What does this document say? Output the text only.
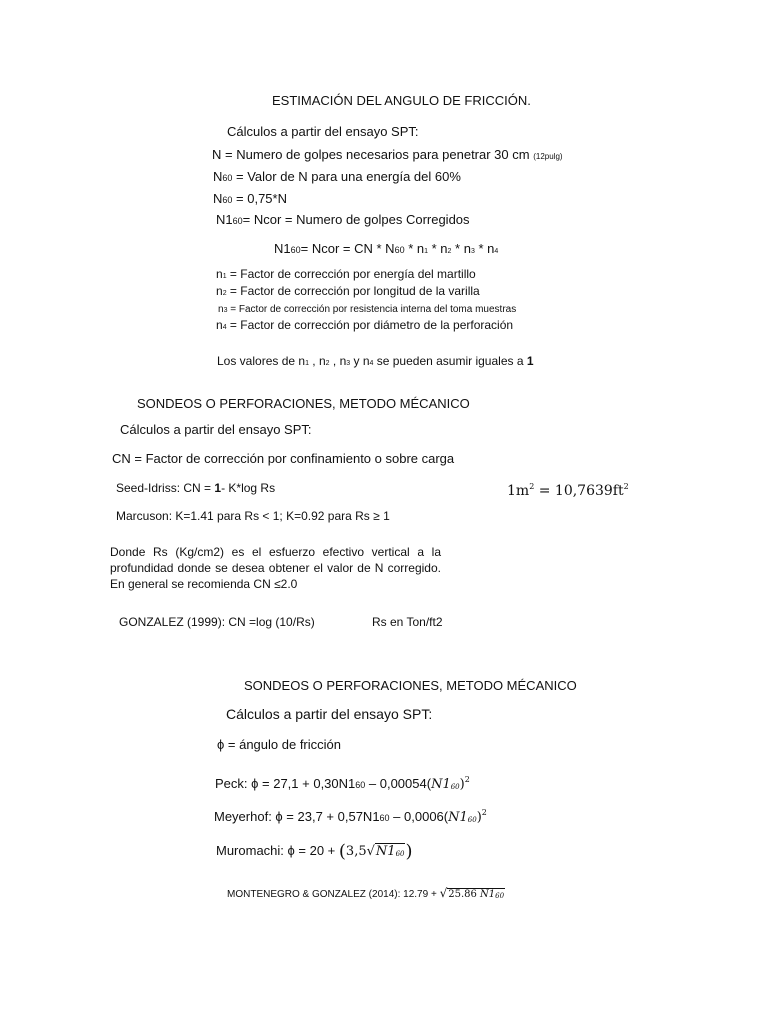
ESTIMACIÓN DEL ANGULO DE FRICCIÓN.
Cálculos a partir del ensayo SPT:
N = Numero de golpes necesarios para penetrar 30 cm (12pulg)
N60 = Valor de N para una energía del 60%
N60 = 0,75*N
N160= Ncor = Numero de golpes Corregidos
N160= Ncor = CN * N60 * n1 * n2 * n3 * n4
n1 = Factor de corrección por energía del martillo
n2 = Factor de corrección por longitud de la varilla
n3 = Factor de corrección por resistencia interna del toma muestras
n4 = Factor de corrección por diámetro de la perforación
Los valores de n1 , n2 , n3 y n4 se pueden asumir iguales a 1
SONDEOS O PERFORACIONES, METODO MÉCANICO
Cálculos a partir del ensayo SPT:
CN = Factor de corrección por confinamiento o sobre carga
Seed-Idriss: CN = 1- K*log Rs	$1m^2 = 10,7639ft^2$
Marcuson: K=1.41 para Rs < 1; K=0.92 para Rs ≥ 1
Donde Rs (Kg/cm2) es el esfuerzo efectivo vertical a la profundidad donde se desea obtener el valor de N corregido. En general se recomienda CN ≤2.0
GONZALEZ (1999): CN =log (10/Rs)	Rs en Ton/ft2
SONDEOS O PERFORACIONES, METODO MÉCANICO
Cálculos a partir del ensayo SPT:
ϕ = ángulo de fricción
Peck: $\phi = 27,1 + 0,30N160 - 0,00054(N160)^2$
Meyerhof: $\phi = 23,7 + 0,57N160 - 0,0006(N160)^2$
Muromachi: ϕ = 20 + (3,5√N160)
MONTENEGRO & GONZALEZ (2014): 12.79 + √25.86 N160
